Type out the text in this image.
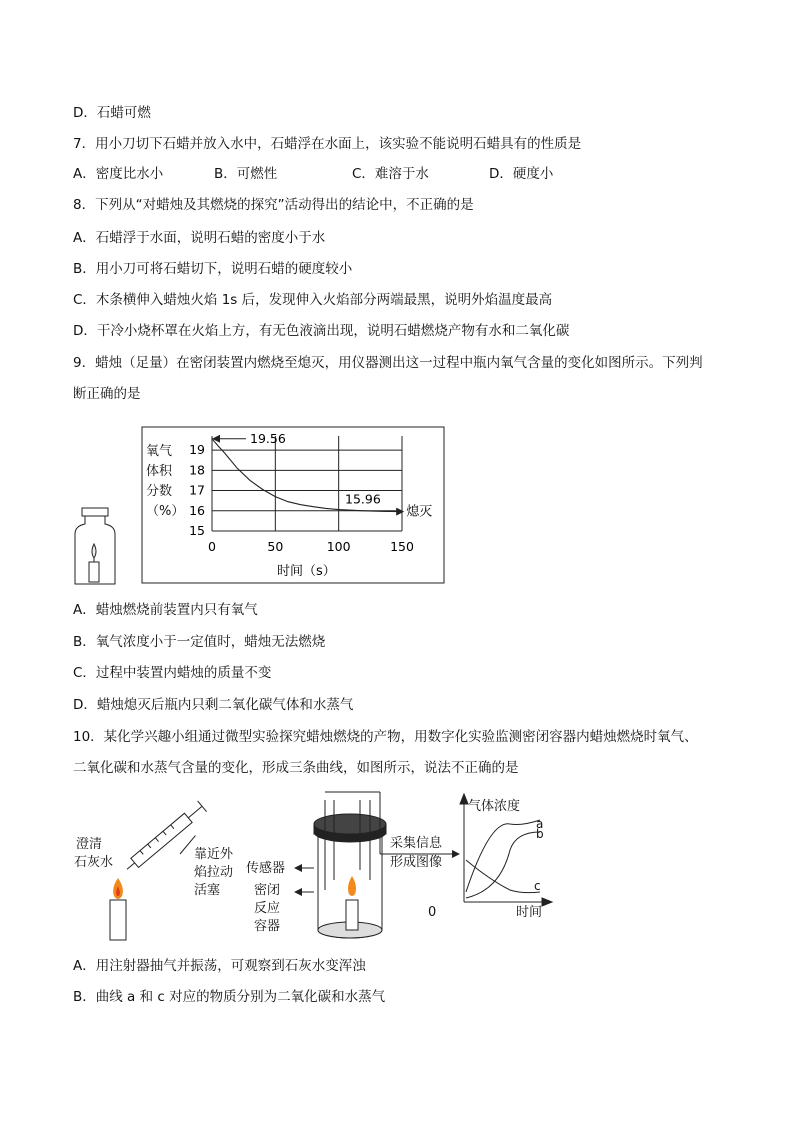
D．石蜡可燃
7．用小刀切下石蜡并放入水中，石蜡浮在水面上，该实验不能说明石蜡具有的性质是
A．密度比水小	B．可燃性	C．难溶于水	D．硬度小
8．下列从“对蜡烛及其燃烧的探究”活动得出的结论中，不正确的是
A．石蜡浮于水面，说明石蜡的密度小于水
B．用小刀可将石蜡切下，说明石蜡的硬度较小
C．木条横伸入蜡烛火焰 1s 后，发现伸入火焰部分两端最黑，说明外焰温度最高
D．干冷小烧杯罩在火焰上方，有无色液滴出现，说明石蜡燃烧产物有水和二氧化碳
9．蜡烛（足量）在密闭装置内燃烧至熄灭，用仪器测出这一过程中瓶内氧气含量的变化如图所示。下列判
断正确的是
氧气
体积
分数
（%）
15
16
17
18
19
0	50	100	150
19.56
15.96
熄灭
时间（s）
A．蜡烛燃烧前装置内只有氧气
B．氧气浓度小于一定值时，蜡烛无法燃烧
C．过程中装置内蜡烛的质量不变
D．蜡烛熄灭后瓶内只剩二氧化碳气体和水蒸气
10．某化学兴趣小组通过微型实验探究蜡烛燃烧的产物，用数字化实验监测密闭容器内蜡烛燃烧时氧气、
二氧化碳和水蒸气含量的变化，形成三条曲线，如图所示，说法不正确的是
澄清
石灰水
靠近外
焰拉动
活塞
传感器
密闭
反应
容器
采集信息
形成图像
气体浓度
时间
0
a
b
c
A．用注射器抽气并振荡，可观察到石灰水变浑浊
B．曲线 a 和 c 对应的物质分别为二氧化碳和水蒸气
